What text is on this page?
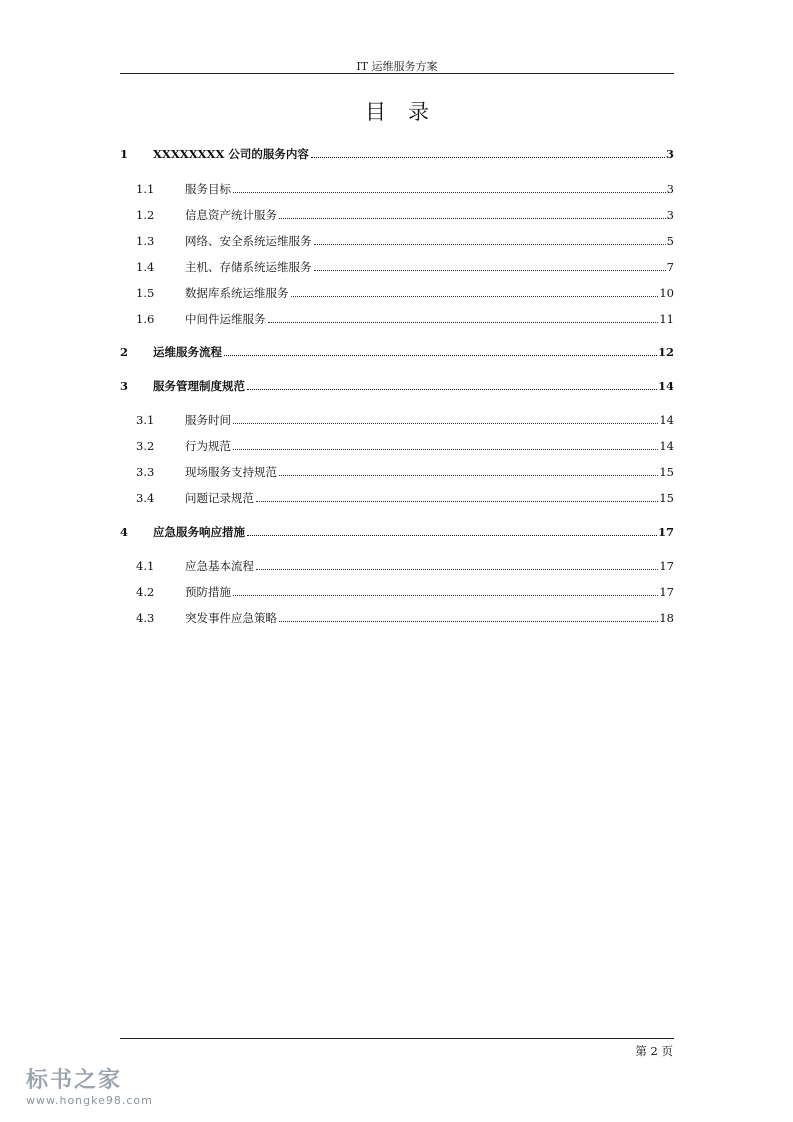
IT 运维服务方案
目录
1	XXXXXXXX 公司的服务内容	3
1.1	服务目标	3
1.2	信息资产统计服务	3
1.3	网络、安全系统运维服务	5
1.4	主机、存储系统运维服务	7
1.5	数据库系统运维服务	10
1.6	中间件运维服务	11
2	运维服务流程	12
3	服务管理制度规范	14
3.1	服务时间	14
3.2	行为规范	14
3.3	现场服务支持规范	15
3.4	问题记录规范	15
4	应急服务响应措施	17
4.1	应急基本流程	17
4.2	预防措施	17
4.3	突发事件应急策略	18
第 2 页
标书之家
www.hongke98.com
